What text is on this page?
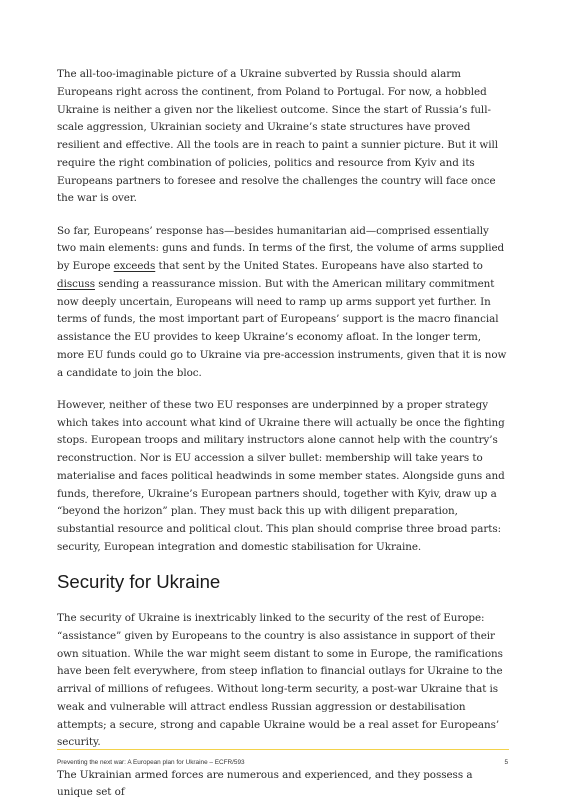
The all-too-imaginable picture of a Ukraine subverted by Russia should alarm Europeans right across the continent, from Poland to Portugal. For now, a hobbled Ukraine is neither a given nor the likeliest outcome. Since the start of Russia’s full-scale aggression, Ukrainian society and Ukraine’s state structures have proved resilient and effective. All the tools are in reach to paint a sunnier picture. But it will require the right combination of policies, politics and resource from Kyiv and its Europeans partners to foresee and resolve the challenges the country will face once the war is over.

So far, Europeans’ response has—besides humanitarian aid—comprised essentially two main elements: guns and funds. In terms of the first, the volume of arms supplied by Europe exceeds that sent by the United States. Europeans have also started to discuss sending a reassurance mission. But with the American military commitment now deeply uncertain, Europeans will need to ramp up arms support yet further. In terms of funds, the most important part of Europeans’ support is the macro financial assistance the EU provides to keep Ukraine’s economy afloat. In the longer term, more EU funds could go to Ukraine via pre-accession instruments, given that it is now a candidate to join the bloc.

However, neither of these two EU responses are underpinned by a proper strategy which takes into account what kind of Ukraine there will actually be once the fighting stops. European troops and military instructors alone cannot help with the country’s reconstruction. Nor is EU accession a silver bullet: membership will take years to materialise and faces political headwinds in some member states. Alongside guns and funds, therefore, Ukraine’s European partners should, together with Kyiv, draw up a “beyond the horizon” plan. They must back this up with diligent preparation, substantial resource and political clout. This plan should comprise three broad parts: security, European integration and domestic stabilisation for Ukraine.

Security for Ukraine

The security of Ukraine is inextricably linked to the security of the rest of Europe: “assistance” given by Europeans to the country is also assistance in support of their own situation. While the war might seem distant to some in Europe, the ramifications have been felt everywhere, from steep inflation to financial outlays for Ukraine to the arrival of millions of refugees. Without long-term security, a post-war Ukraine that is weak and vulnerable will attract endless Russian aggression or destabilisation attempts; a secure, strong and capable Ukraine would be a real asset for Europeans’ security.

The Ukrainian armed forces are numerous and experienced, and they possess a unique set of

Preventing the next war: A European plan for Ukraine – ECFR/593	5
